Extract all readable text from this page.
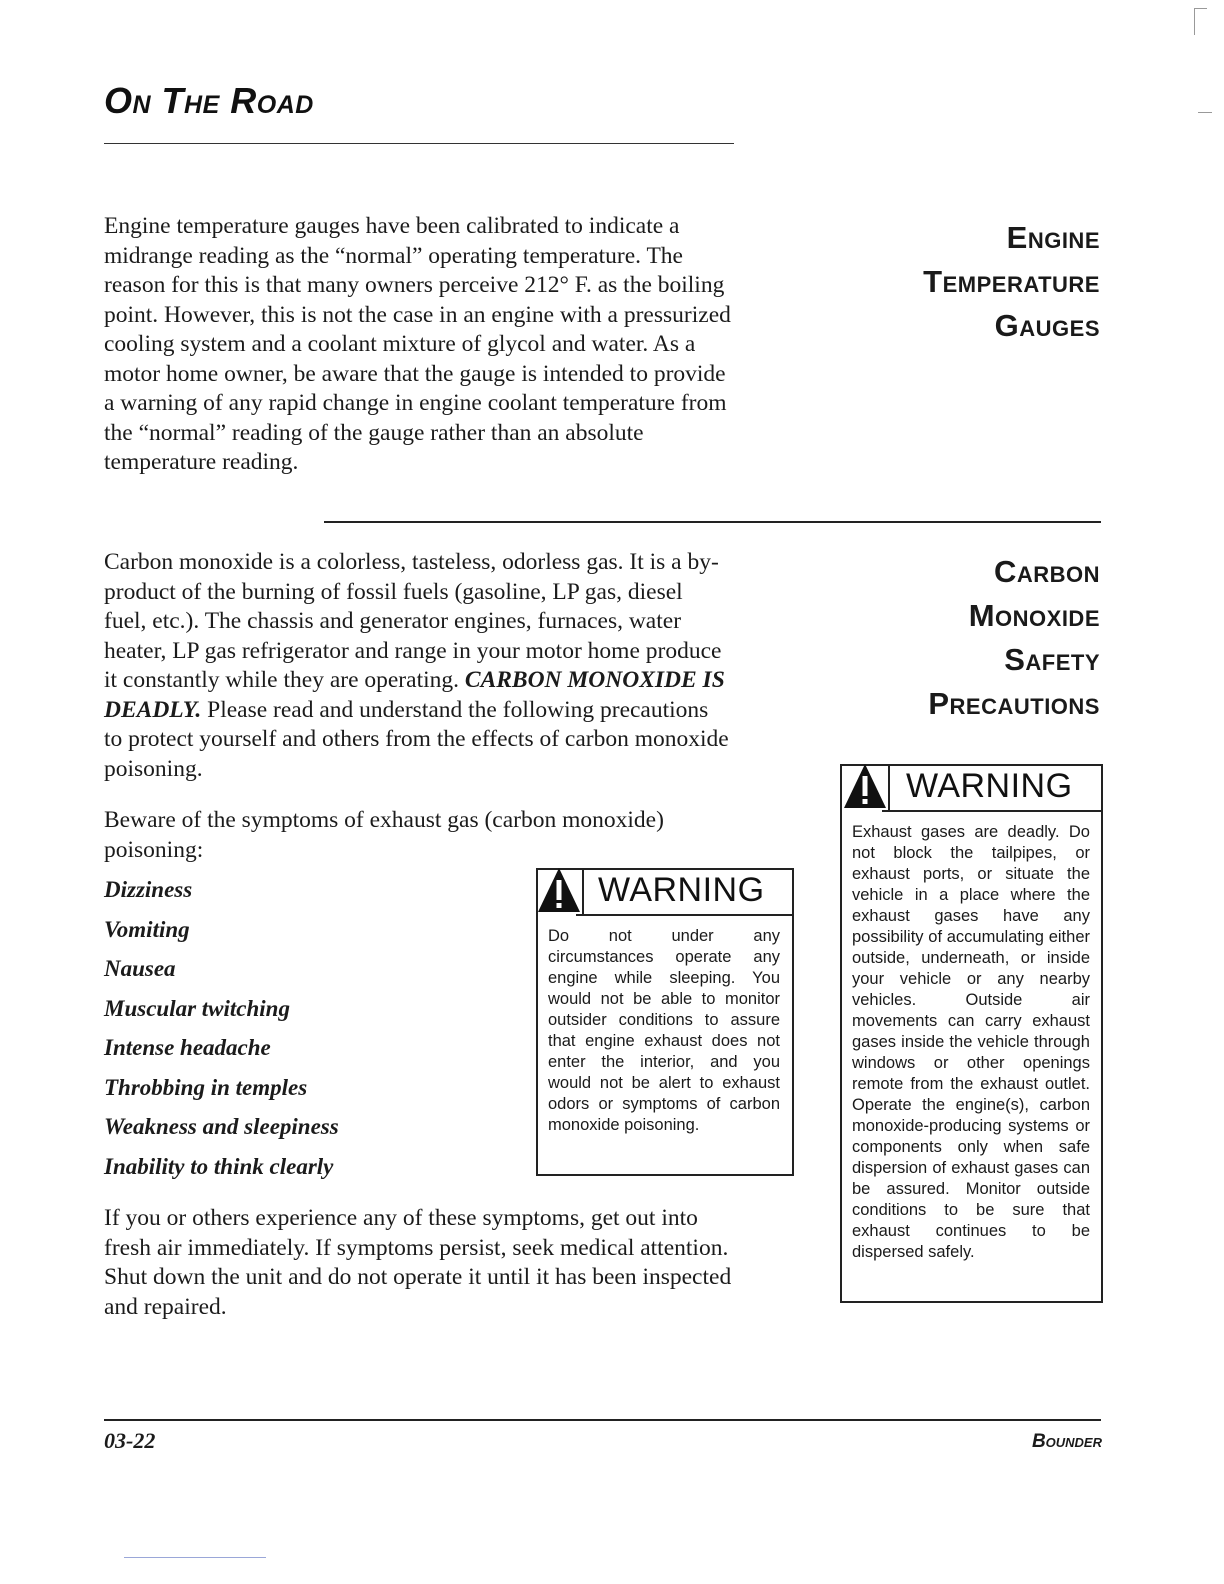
On The Road
Engine temperature gauges have been calibrated to indicate a midrange reading as the “normal” operating temperature. The reason for this is that many owners perceive 212° F. as the boiling point. However, this is not the case in an engine with a pressurized cooling system and a coolant mixture of glycol and water. As a motor home owner, be aware that the gauge is intended to provide a warning of any rapid change in engine coolant temperature from the “normal” reading of the gauge rather than an absolute temperature reading.
Engine
Temperature
Gauges
Carbon monoxide is a colorless, tasteless, odorless gas. It is a by-product of the burning of fossil fuels (gasoline, LP gas, diesel fuel, etc.). The chassis and generator engines, furnaces, water heater, LP gas refrigerator and range in your motor home produce it constantly while they are operating. CARBON MONOXIDE IS DEADLY. Please read and understand the following precautions to protect yourself and others from the effects of carbon monoxide poisoning.
Beware of the symptoms of exhaust gas (carbon monoxide) poisoning:
Dizziness
Vomiting
Nausea
Muscular twitching
Intense headache
Throbbing in temples
Weakness and sleepiness
Inability to think clearly
If you or others experience any of these symptoms, get out into fresh air immediately. If symptoms persist, seek medical attention. Shut down the unit and do not operate it until it has been inspected and repaired.
WARNING
Do not under any circumstances operate any engine while sleeping. You would not be able to monitor outsider conditions to assure that engine exhaust does not enter the interior, and you would not be alert to exhaust odors or symptoms of carbon monoxide poisoning.
Carbon
Monoxide
Safety
Precautions
WARNING
Exhaust gases are deadly. Do not block the tailpipes, or exhaust ports, or situate the vehicle in a place where the exhaust gases have any possibility of accumulating either outside, underneath, or inside your vehicle or any nearby vehicles. Outside air movements can carry exhaust gases inside the vehicle through windows or other openings remote from the exhaust outlet. Operate the engine(s), carbon monoxide-producing systems or components only when safe dispersion of exhaust gases can be assured. Monitor outside conditions to be sure that exhaust continues to be dispersed safely.
03-22	Bounder
